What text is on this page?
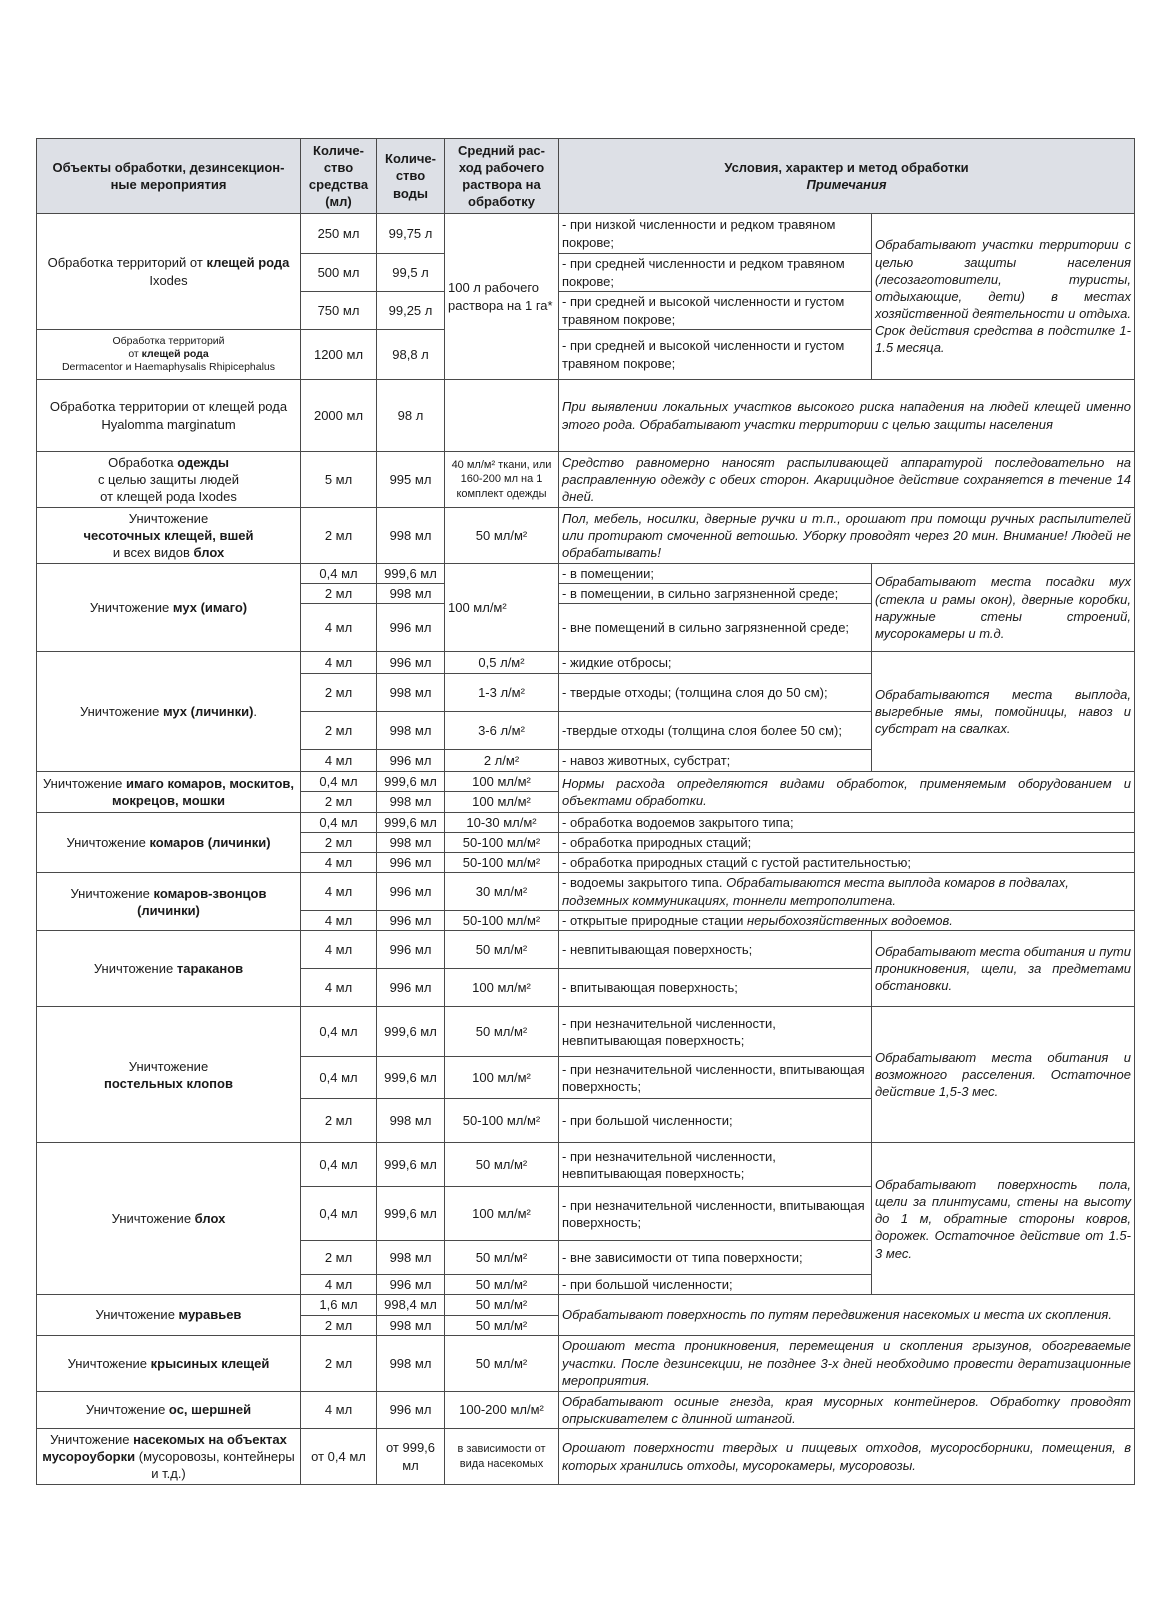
Объекты обработки, дезинсекцион-ные мероприятия	Количе-ство средства (мл)	Количе-ство воды	Средний рас-ход рабочего раствора на обработку	Условия, характер и метод обработки
Примечания	

Обработка территорий от клещей рода Ixodes	250 мл	99,75 л	100 л рабочего раствора на 1 га*	- при низкой численности и редком травяном покрове;	Обрабатывают участки территории с целью защиты населения (лесозаготовители, туристы, отдыхающие, дети) в местах хозяйственной деятельности и отдыха. Срок действия средства в подстилке 1-1.5 месяца.
	500 мл	99,5 л		- при средней численности и редком травяном покрове;	
	750 мл	99,25 л		- при средней и высокой численности и густом травяном покрове;	
Обработка территорий
от клещей рода
Dermacentor и Haemaphysalis Rhipicephalus	1200 мл	98,8 л		- при средней и высокой численности и густом травяном покрове;	
Обработка территории от клещей рода
Hyalomma marginatum	2000 мл	98 л		При выявлении локальных участков высокого риска нападения на людей клещей именно этого рода. Обрабатывают участки территории с целью защиты населения	
Обработка одежды
с целью защиты людей
от клещей рода Ixodes	5 мл	995 мл	40 мл/м² ткани, или 160-200 мл на 1 комплект одежды	Средство равномерно наносят распыливающей аппаратурой последовательно на расправленную одежду с обеих сторон. Акарицидное действие сохраняется в течение 14 дней.	
Уничтожение
чесоточных клещей, вшей
и всех видов блох	2 мл	998 мл	50 мл/м²	Пол, мебель, носилки, дверные ручки и т.п., орошают при помощи ручных распылителей или протирают смоченной ветошью. Уборку проводят через 20 мин. Внимание! Людей не обрабатывать!	
Уничтожение мух (имаго)	0,4 мл	999,6 мл	100 мл/м²	- в помещении;	Обрабатывают места посадки мух (стекла и рамы окон), дверные коробки, наружные стены строений, мусорокамеры и т.д.
	2 мл	998 мл		- в помещении, в сильно загрязненной среде;	
	4 мл	996 мл		- вне помещений в сильно загрязненной среде;	
Уничтожение мух (личинки).	4 мл	996 мл	0,5 л/м²	- жидкие отбросы;	Обрабатываются места выплода, выгребные ямы, помойницы, навоз и субстрат на свалках.
	2 мл	998 мл	1-3 л/м²	- твердые отходы; (толщина слоя до 50 см);	
	2 мл	998 мл	3-6 л/м²	-твердые отходы (толщина слоя более 50 см);	
	4 мл	996 мл	2 л/м²	- навоз животных, субстрат;	
Уничтожение имаго комаров, москитов, мокрецов, мошки	0,4 мл	999,6 мл	100 мл/м²	Нормы расхода определяются видами обработок, применяемым оборудованием и объектами обработки.	
	2 мл	998 мл	100 мл/м²		
Уничтожение комаров (личинки)	0,4 мл	999,6 мл	10-30 мл/м²	- обработка водоемов закрытого типа;	
	2 мл	998 мл	50-100 мл/м²	- обработка природных стаций;	
	4 мл	996 мл	50-100 мл/м²	- обработка природных стаций с густой растительностью;	
Уничтожение комаров-звонцов (личинки)	4 мл	996 мл	30 мл/м²	- водоемы закрытого типа. Обрабатываются места выплода комаров в подвалах, подземных коммуникациях, тоннели метрополитена.	
	4 мл	996 мл	50-100 мл/м²	- открытые природные стации нерыбохозяйственных водоемов.	
Уничтожение тараканов	4 мл	996 мл	50 мл/м²	- невпитывающая поверхность;	Обрабатывают места обитания и пути проникновения, щели, за предметами обстановки.
	4 мл	996 мл	100 мл/м²	- впитывающая поверхность;	
Уничтожение
постельных клопов	0,4 мл	999,6 мл	50 мл/м²	- при незначительной численности, невпитывающая поверхность;	Обрабатывают места обитания и возможного расселения. Остаточное действие 1,5-3 мес.
	0,4 мл	999,6 мл	100 мл/м²	- при незначительной численности, впитывающая поверхность;	
	2 мл	998 мл	50-100 мл/м²	- при большой численности;	
Уничтожение блох	0,4 мл	999,6 мл	50 мл/м²	- при незначительной численности, невпитывающая поверхность;	Обрабатывают поверхность пола, щели за плинтусами, стены на высоту до 1 м, обратные стороны ковров, дорожек. Остаточное действие от 1.5-3 мес.
	0,4 мл	999,6 мл	100 мл/м²	- при незначительной численности, впитывающая поверхность;	
	2 мл	998 мл	50 мл/м²	- вне зависимости от типа поверхности;	
	4 мл	996 мл	50 мл/м²	- при большой численности;	
Уничтожение муравьев	1,6 мл	998,4 мл	50 мл/м²	Обрабатывают поверхность по путям передвижения насекомых и места их скопления.	
	2 мл	998 мл	50 мл/м²		
Уничтожение крысиных клещей	2 мл	998 мл	50 мл/м²	Орошают места проникновения, перемещения и скопления грызунов, обогреваемые участки. После дезинсекции, не позднее 3-х дней необходимо провести дератизационные мероприятия.	
Уничтожение ос, шершней	4 мл	996 мл	100-200 мл/м²	Обрабатывают осиные гнезда, края мусорных контейнеров. Обработку проводят опрыскивателем с длинной штангой.	
Уничтожение насекомых на объектах мусороуборки (мусоровозы, контейнеры и т.д.)	от 0,4 мл	от 999,6 мл	в зависимости от вида насекомых	Орошают поверхности твердых и пищевых отходов, мусоросборники, помещения, в которых хранились отходы, мусорокамеры, мусоровозы.	
